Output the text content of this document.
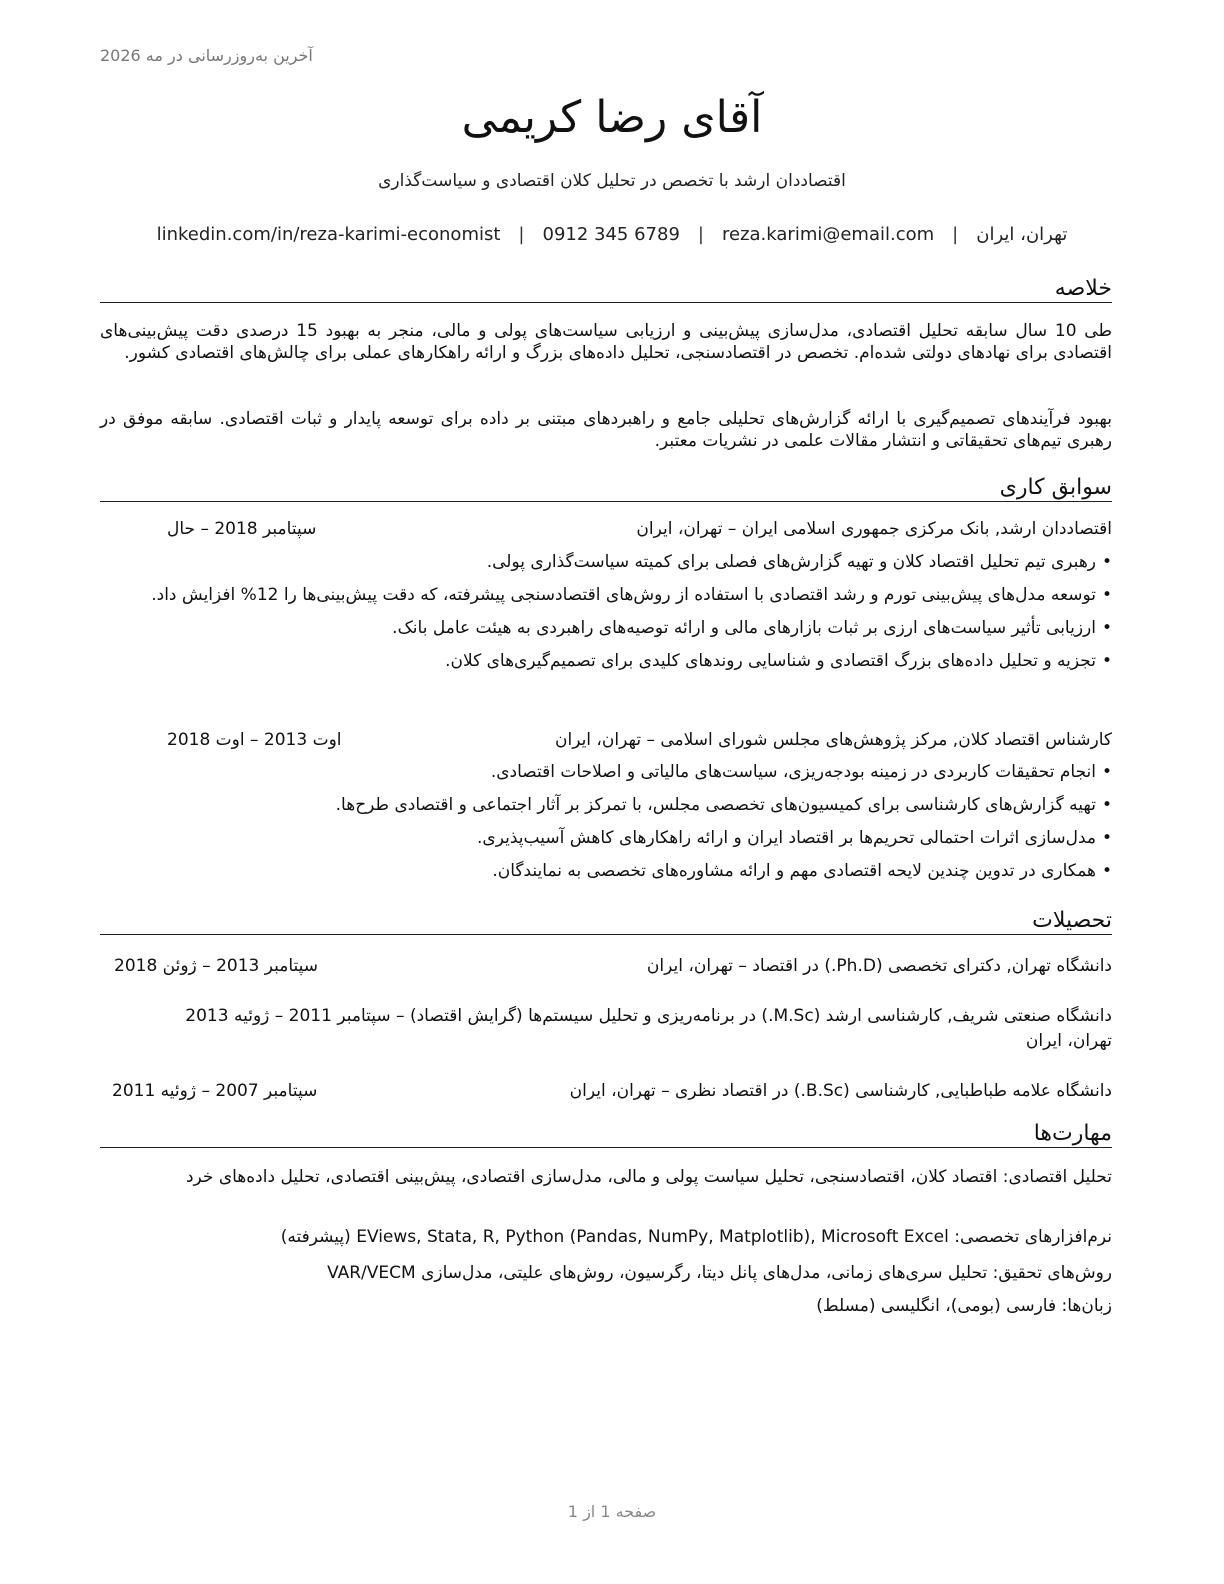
آخرین به‌روزرسانی در مه 2026
آقای رضا کریمی
اقتصاددان ارشد با تخصص در تحلیل کلان اقتصادی و سیاست‌گذاری
تهران، ایران
|
reza.karimi@email.com
|
0912 345 6789
|
linkedin.com/in/reza-karimi-economist
خلاصه
طی 10 سال سابقه تحلیل اقتصادی، مدل‌سازی پیش‌بینی و ارزیابی سیاست‌های پولی و مالی، منجر به بهبود 15 درصدی دقت پیش‌بینی‌های اقتصادی برای نهادهای دولتی شده‌ام. تخصص در اقتصادسنجی، تحلیل داده‌های بزرگ و ارائه راهکارهای عملی برای چالش‌های اقتصادی کشور.
بهبود فرآیندهای تصمیم‌گیری با ارائه گزارش‌های تحلیلی جامع و راهبردهای مبتنی بر داده برای توسعه پایدار و ثبات اقتصادی. سابقه موفق در رهبری تیم‌های تحقیقاتی و انتشار مقالات علمی در نشریات معتبر.
سوابق کاری
اقتصاددان ارشد, بانک مرکزی جمهوری اسلامی ایران – تهران، ایران
سپتامبر 2018 – حال
• رهبری تیم تحلیل اقتصاد کلان و تهیه گزارش‌های فصلی برای کمیته سیاست‌گذاری پولی.
• توسعه مدل‌های پیش‌بینی تورم و رشد اقتصادی با استفاده از روش‌های اقتصادسنجی پیشرفته، که دقت پیش‌بینی‌ها را 12% افزایش داد.
• ارزیابی تأثیر سیاست‌های ارزی بر ثبات بازارهای مالی و ارائه توصیه‌های راهبردی به هیئت عامل بانک.
• تجزیه و تحلیل داده‌های بزرگ اقتصادی و شناسایی روندهای کلیدی برای تصمیم‌گیری‌های کلان.
کارشناس اقتصاد کلان, مرکز پژوهش‌های مجلس شورای اسلامی – تهران، ایران
اوت 2013 – اوت 2018
• انجام تحقیقات کاربردی در زمینه بودجه‌ریزی، سیاست‌های مالیاتی و اصلاحات اقتصادی.
• تهیه گزارش‌های کارشناسی برای کمیسیون‌های تخصصی مجلس، با تمرکز بر آثار اجتماعی و اقتصادی طرح‌ها.
• مدل‌سازی اثرات احتمالی تحریم‌ها بر اقتصاد ایران و ارائه راهکارهای کاهش آسیب‌پذیری.
• همکاری در تدوین چندین لایحه اقتصادی مهم و ارائه مشاوره‌های تخصصی به نمایندگان.
تحصیلات
دانشگاه تهران, دکترای تخصصی (Ph.D.) در اقتصاد – تهران، ایران
سپتامبر 2013 – ژوئن 2018
دانشگاه صنعتی شریف, کارشناسی ارشد (M.Sc.) در برنامه‌ریزی و تحلیل سیستم‌ها (گرایش اقتصاد) – سپتامبر 2011 – ژوئیه 2013
تهران، ایران
دانشگاه علامه طباطبایی, کارشناسی (B.Sc.) در اقتصاد نظری – تهران، ایران
سپتامبر 2007 – ژوئیه 2011
مهارت‌ها
تحلیل اقتصادی: اقتصاد کلان، اقتصادسنجی، تحلیل سیاست پولی و مالی، مدل‌سازی اقتصادی، پیش‌بینی اقتصادی، تحلیل داده‌های خرد
نرم‌افزارهای تخصصی: EViews, Stata, R, Python (Pandas, NumPy, Matplotlib), Microsoft Excel (پیشرفته)
روش‌های تحقیق: تحلیل سری‌های زمانی، مدل‌های پانل دیتا، رگرسیون، روش‌های علیتی، مدل‌سازی VAR/VECM
زبان‌ها: فارسی (بومی)، انگلیسی (مسلط)
صفحه 1 از 1
